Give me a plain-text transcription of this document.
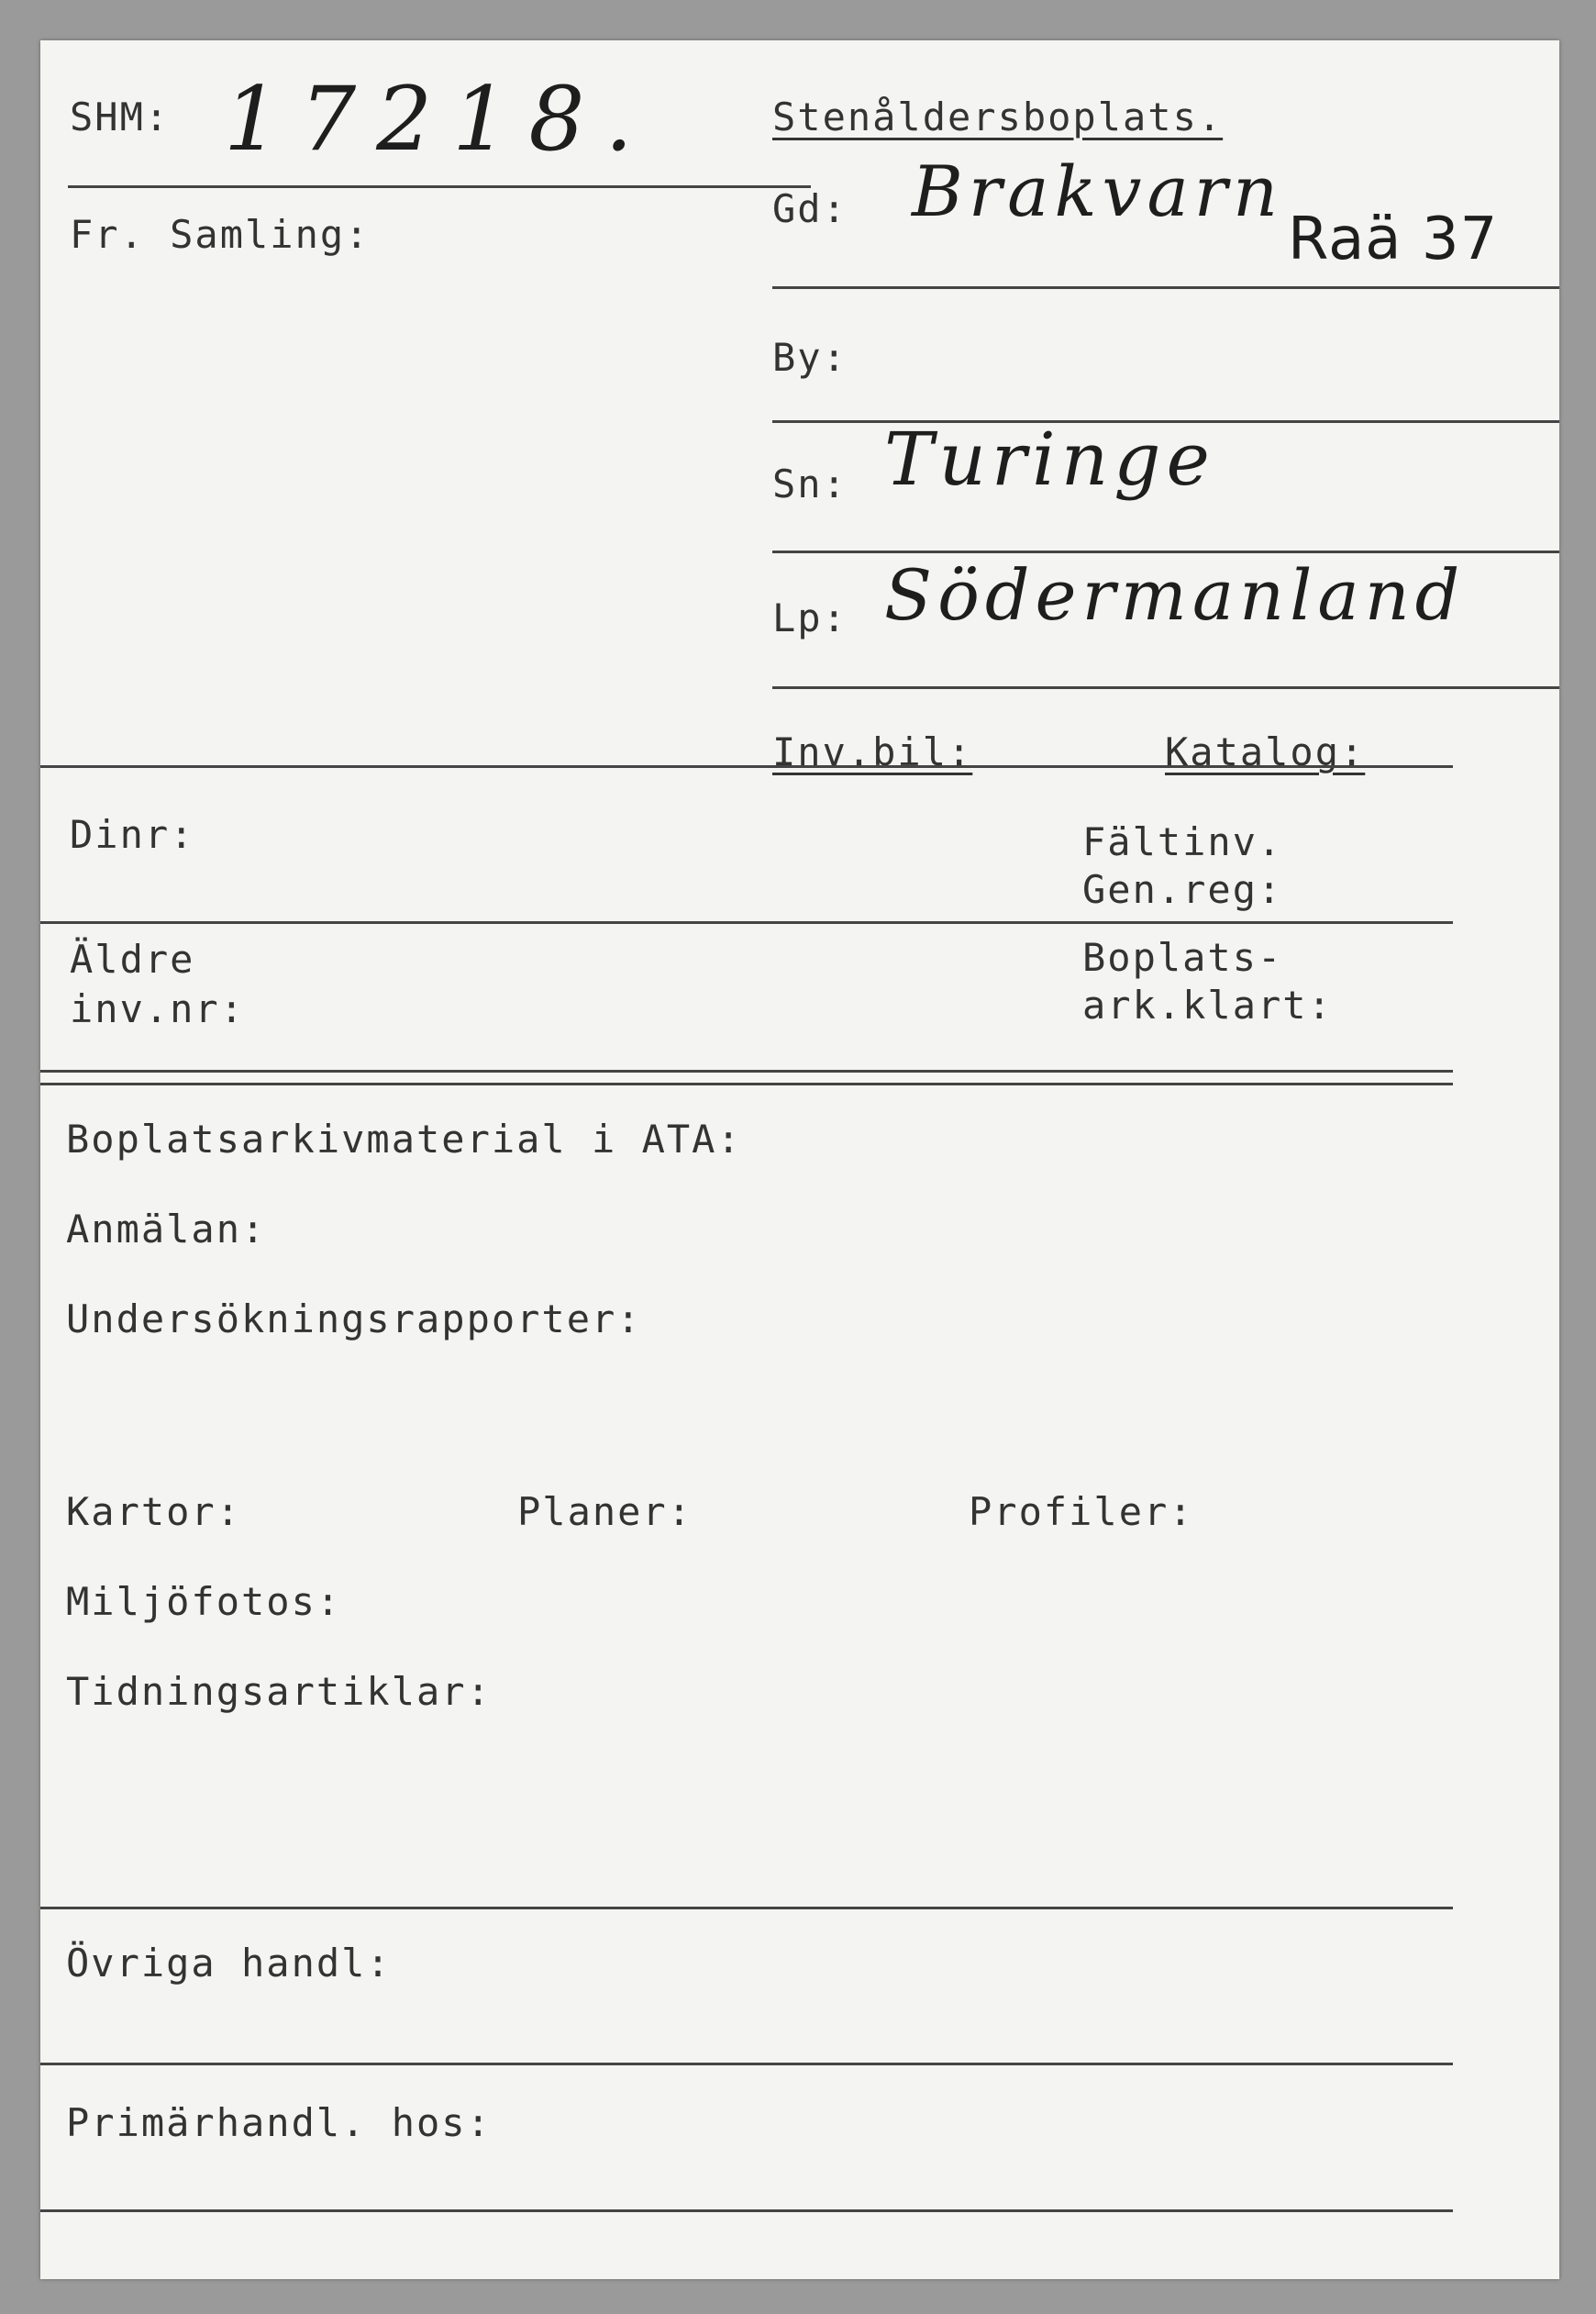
SHM: 17218.	Stenåldersboplats.
Fr. Samling:
Gd: Brakvarn
Raä 37
By:
Sn: Turinge
Lp: Södermanland
Inv.bil:	Katalog:
Dinr:	Fältinv.
Gen.reg:
Äldre
inv.nr:
Boplats-
ark.klart:
Boplatsarkivmaterial i ATA:
Anmälan:
Undersökningsrapporter:
Kartor:	Planer:	Profiler:
Miljöfotos:
Tidningsartiklar:
Övriga handl:
Primärhandl. hos:
